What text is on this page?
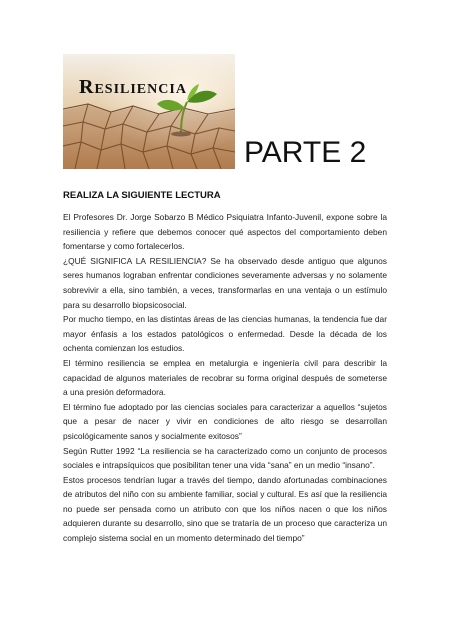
RESILIENCIA
PARTE 2
REALIZA LA SIGUIENTE LECTURA

El Profesores Dr. Jorge Sobarzo B Médico Psiquiatra Infanto-Juvenil, expone sobre la resiliencia y refiere que debemos conocer qué aspectos del comportamiento deben fomentarse y como fortalecerlos.

¿QUÉ SIGNIFICA LA RESILIENCIA? Se ha observado desde antiguo que algunos seres humanos lograban enfrentar condiciones severamente adversas y no solamente sobrevivir a ella, sino también, a veces, transformarlas en una ventaja o un estímulo para su desarrollo biopsicosocial.

Por mucho tiempo, en las distintas áreas de las ciencias humanas, la tendencia fue dar mayor énfasis a los estados patológicos o enfermedad. Desde la década de los ochenta comienzan los estudios.

El término resiliencia se emplea en metalurgia e ingeniería civil para describir la capacidad de algunos materiales de recobrar su forma original después de someterse a una presión deformadora.

El término fue adoptado por las ciencias sociales para caracterizar a aquellos “sujetos que a pesar de nacer y vivir en condiciones de alto riesgo se desarrollan psicológicamente sanos y socialmente exitosos”

Según Rutter 1992 “La resiliencia se ha caracterizado como un conjunto de procesos sociales e intrapsíquicos que posibilitan tener una vida “sana” en un medio “insano”.

Estos procesos tendrían lugar a través del tiempo, dando afortunadas combinaciones de atributos del niño con su ambiente familiar, social y cultural. Es así que la resiliencia no puede ser pensada como un atributo con que los niños nacen o que los niños adquieren durante su desarrollo, sino que se trataría de un proceso que caracteriza un complejo sistema social en un momento determinado del tiempo”
